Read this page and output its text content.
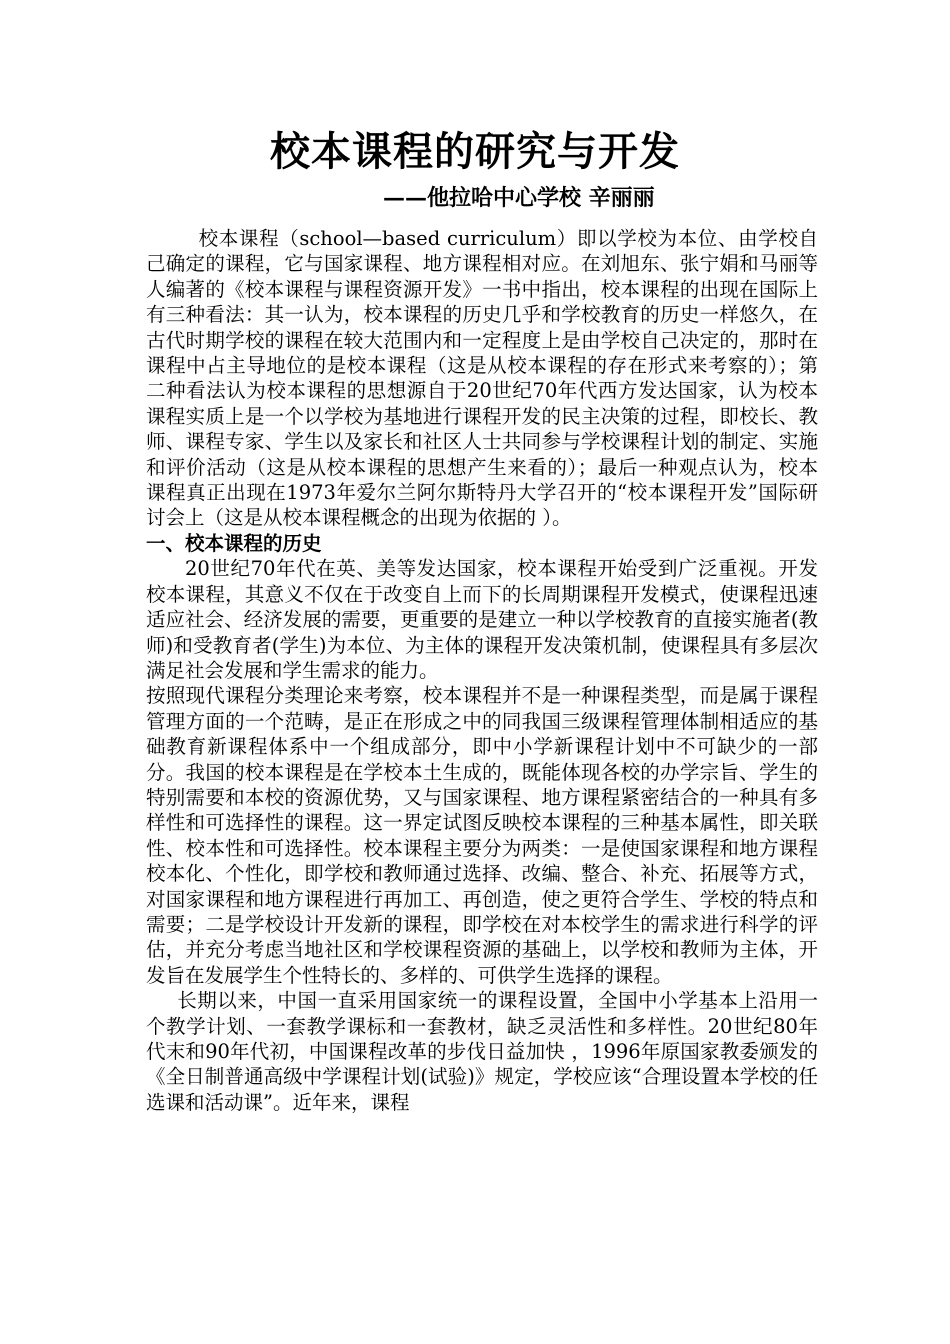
校本课程的研究与开发
——他拉哈中心学校 辛丽丽

校本课程（school—based curriculum）即以学校为本位、由学校自己确定的课程，它与国家课程、地方课程相对应。在刘旭东、张宁娟和马丽等人编著的《校本课程与课程资源开发》一书中指出，校本课程的出现在国际上有三种看法：其一认为，校本课程的历史几乎和学校教育的历史一样悠久，在古代时期学校的课程在较大范围内和一定程度上是由学校自己决定的，那时在课程中占主导地位的是校本课程（这是从校本课程的存在形式来考察的）；第二种看法认为校本课程的思想源自于20世纪70年代西方发达国家，认为校本课程实质上是一个以学校为基地进行课程开发的民主决策的过程，即校长、教师、课程专家、学生以及家长和社区人士共同参与学校课程计划的制定、实施和评价活动（这是从校本课程的思想产生来看的）；最后一种观点认为，校本课程真正出现在1973年爱尔兰阿尔斯特丹大学召开的“校本课程开发”国际研讨会上（这是从校本课程概念的出现为依据的 ）。

一、校本课程的历史

20世纪70年代在英、美等发达国家，校本课程开始受到广泛重视。开发校本课程，其意义不仅在于改变自上而下的长周期课程开发模式，使课程迅速适应社会、经济发展的需要，更重要的是建立一种以学校教育的直接实施者(教师)和受教育者(学生)为本位、为主体的课程开发决策机制，使课程具有多层次满足社会发展和学生需求的能力。

按照现代课程分类理论来考察，校本课程并不是一种课程类型，而是属于课程管理方面的一个范畴，是正在形成之中的同我国三级课程管理体制相适应的基础教育新课程体系中一个组成部分，即中小学新课程计划中不可缺少的一部分。我国的校本课程是在学校本土生成的，既能体现各校的办学宗旨、学生的特别需要和本校的资源优势，又与国家课程、地方课程紧密结合的一种具有多样性和可选择性的课程。这一界定试图反映校本课程的三种基本属性，即关联性、校本性和可选择性。校本课程主要分为两类：一是使国家课程和地方课程校本化、个性化，即学校和教师通过选择、改编、整合、补充、拓展等方式，对国家课程和地方课程进行再加工、再创造，使之更符合学生、学校的特点和需要；二是学校设计开发新的课程，即学校在对本校学生的需求进行科学的评估，并充分考虑当地社区和学校课程资源的基础上，以学校和教师为主体，开发旨在发展学生个性特长的、多样的、可供学生选择的课程。

长期以来，中国一直采用国家统一的课程设置，全国中小学基本上沿用一个教学计划、一套教学课标和一套教材，缺乏灵活性和多样性。20世纪80年代末和90年代初，中国课程改革的步伐日益加快 ，1996年原国家教委颁发的《全日制普通高级中学课程计划(试验)》规定，学校应该“合理设置本学校的任选课和活动课”。近年来，课程
